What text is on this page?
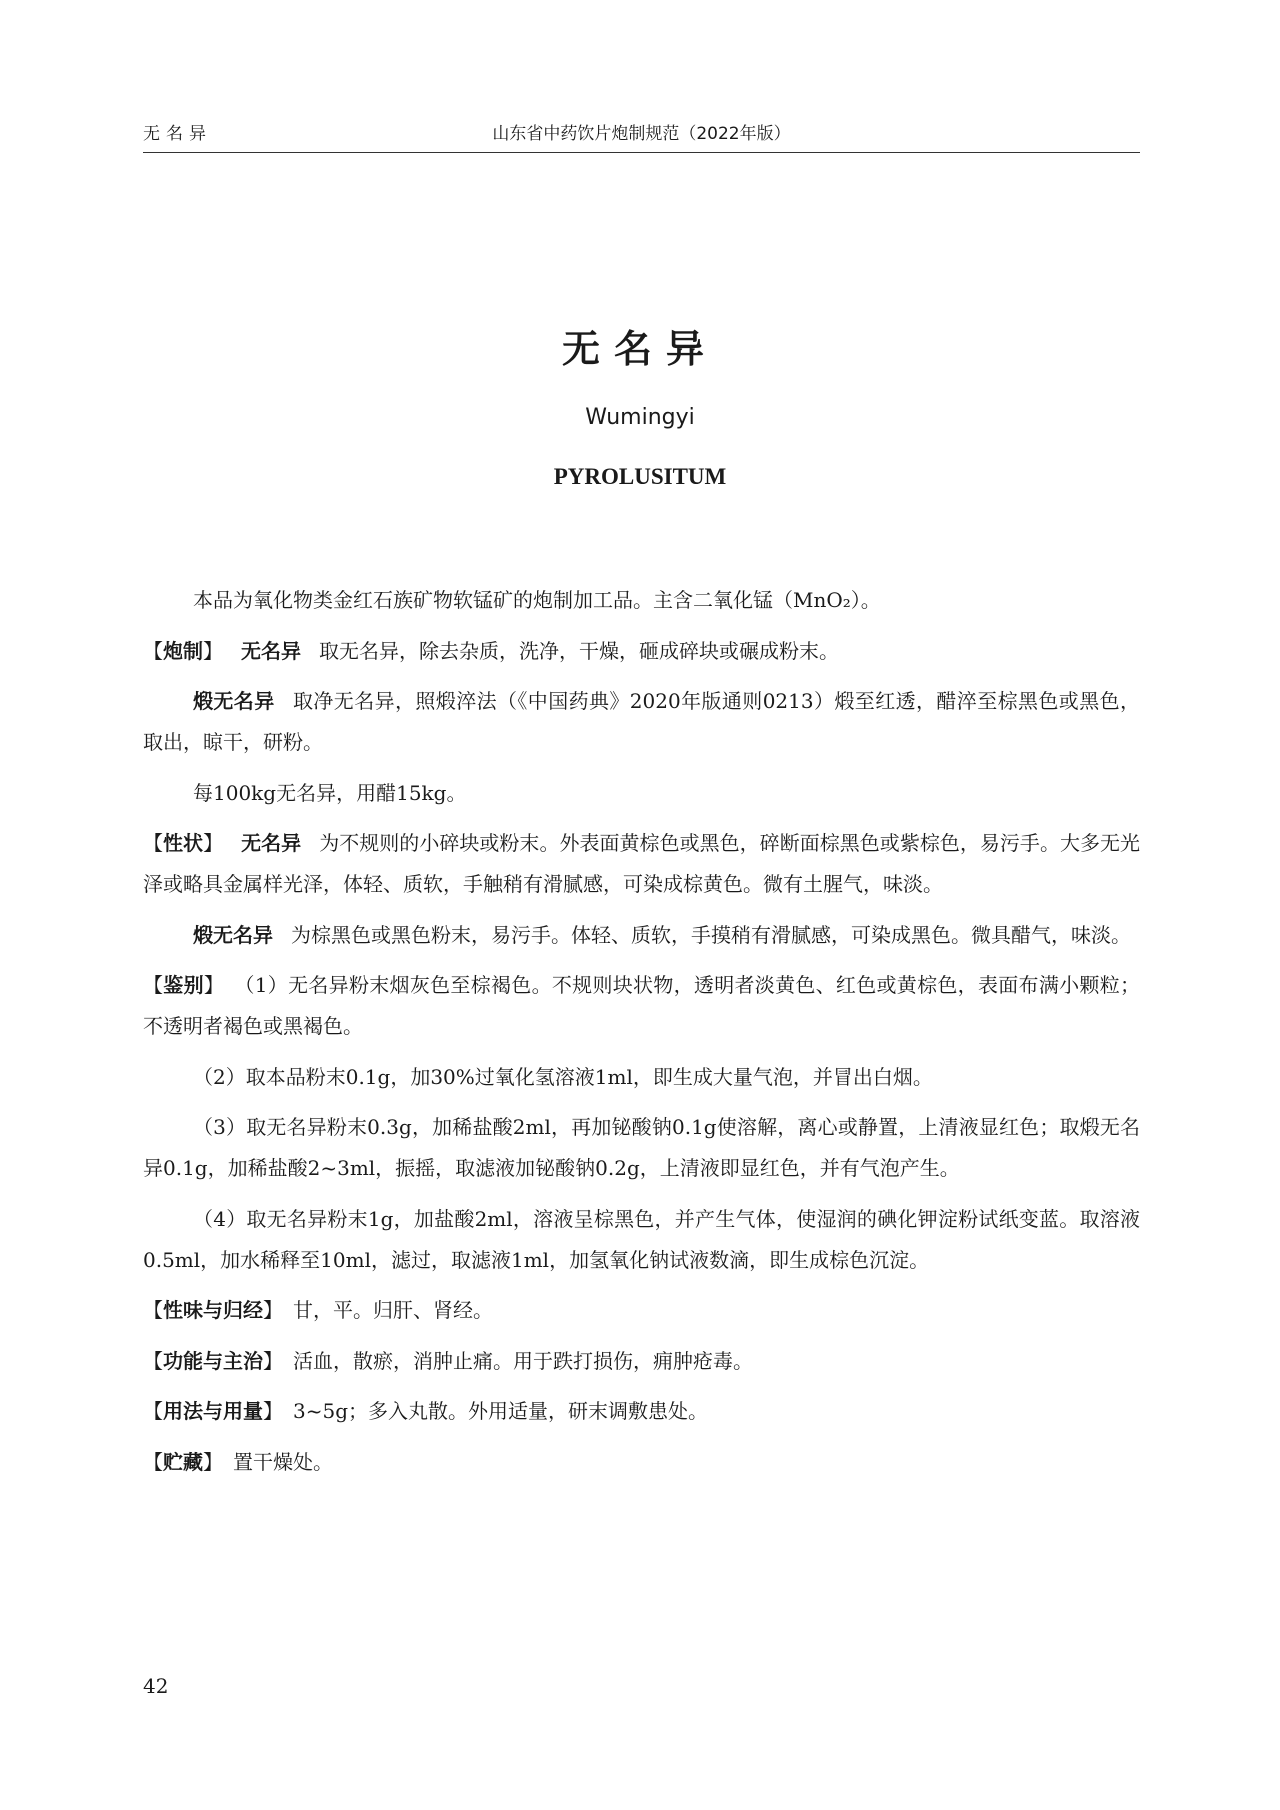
无名异	山东省中药饮片炮制规范（2022年版）
无名异
Wumingyi
PYROLUSITUM

本品为氧化物类金红石族矿物软锰矿的炮制加工品。主含二氧化锰（MnO₂）。

【炮制】 无名异 取无名异，除去杂质，洗净，干燥，砸成碎块或碾成粉末。

煅无名异 取净无名异，照煅淬法（《中国药典》2020年版通则0213）煅至红透，醋淬至棕黑色或黑色，取出，晾干，研粉。

每100kg无名异，用醋15kg。

【性状】 无名异 为不规则的小碎块或粉末。外表面黄棕色或黑色，碎断面棕黑色或紫棕色，易污手。大多无光泽或略具金属样光泽，体轻、质软，手触稍有滑腻感，可染成棕黄色。微有土腥气，味淡。

煅无名异 为棕黑色或黑色粉末，易污手。体轻、质软，手摸稍有滑腻感，可染成黑色。微具醋气，味淡。

【鉴别】 （1）无名异粉末烟灰色至棕褐色。不规则块状物，透明者淡黄色、红色或黄棕色，表面布满小颗粒；不透明者褐色或黑褐色。

（2）取本品粉末0.1g，加30%过氧化氢溶液1ml，即生成大量气泡，并冒出白烟。

（3）取无名异粉末0.3g，加稀盐酸2ml，再加铋酸钠0.1g使溶解，离心或静置，上清液显红色；取煅无名异0.1g，加稀盐酸2~3ml，振摇，取滤液加铋酸钠0.2g，上清液即显红色，并有气泡产生。

（4）取无名异粉末1g，加盐酸2ml，溶液呈棕黑色，并产生气体，使湿润的碘化钾淀粉试纸变蓝。取溶液0.5ml，加水稀释至10ml，滤过，取滤液1ml，加氢氧化钠试液数滴，即生成棕色沉淀。

【性味与归经】 甘，平。归肝、肾经。

【功能与主治】 活血，散瘀，消肿止痛。用于跌打损伤，痈肿疮毒。

【用法与用量】 3~5g；多入丸散。外用适量，研末调敷患处。

【贮藏】 置干燥处。

42
